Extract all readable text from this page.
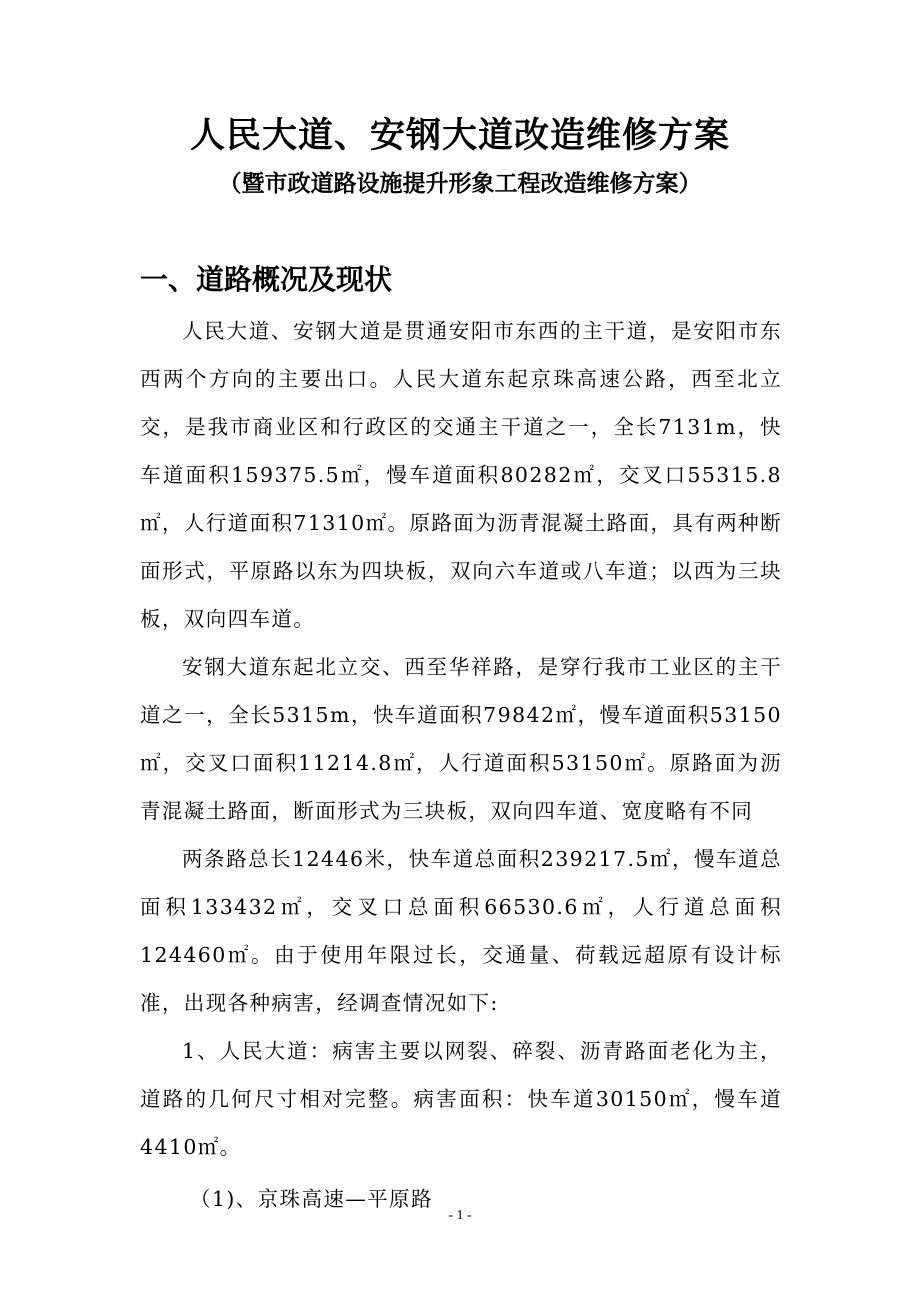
人民大道、安钢大道改造维修方案
（暨市政道路设施提升形象工程改造维修方案）
一、道路概况及现状

人民大道、安钢大道是贯通安阳市东西的主干道，是安阳市东西两个方向的主要出口。人民大道东起京珠高速公路，西至北立交，是我市商业区和行政区的交通主干道之一，全长7131m，快车道面积159375.5㎡，慢车道面积80282㎡，交叉口55315.8㎡，人行道面积71310㎡。原路面为沥青混凝土路面，具有两种断面形式，平原路以东为四块板，双向六车道或八车道；以西为三块板，双向四车道。

安钢大道东起北立交、西至华祥路，是穿行我市工业区的主干道之一，全长5315m，快车道面积79842㎡，慢车道面积53150㎡，交叉口面积11214.8㎡，人行道面积53150㎡。原路面为沥青混凝土路面，断面形式为三块板，双向四车道、宽度略有不同

两条路总长12446米，快车道总面积239217.5㎡，慢车道总面积133432㎡，交叉口总面积66530.6㎡，人行道总面积124460㎡。由于使用年限过长，交通量、荷载远超原有设计标准，出现各种病害，经调查情况如下:

1、人民大道：病害主要以网裂、碎裂、沥青路面老化为主，道路的几何尺寸相对完整。病害面积：快车道30150㎡，慢车道4410㎡。

（1)、京珠高速—平原路

- 1 -
